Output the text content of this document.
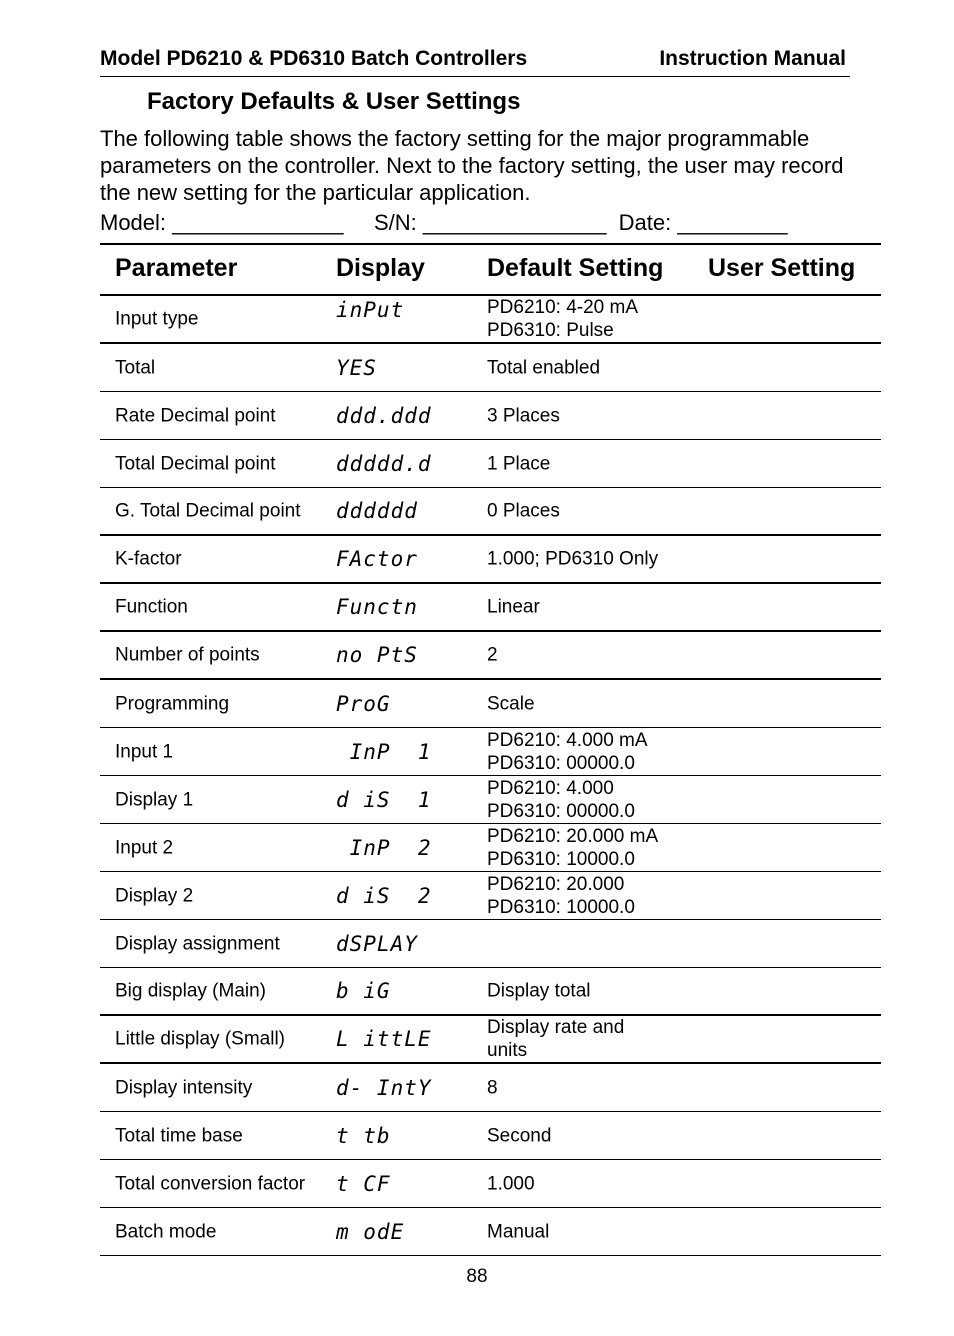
Model PD6210 & PD6310 Batch Controllers	Instruction Manual
Factory Defaults & User Settings
The following table shows the factory setting for the major programmable parameters on the controller. Next to the factory setting, the user may record the new setting for the particular application.
Model: ______________     S/N: _______________  Date: _________
Parameter	Display Default Setting User Setting
Input type	inPut	PD6210: 4-20 mA
PD6310: Pulse
Total	YES	Total enabled
Rate Decimal point	ddd.ddd	3 Places
Total Decimal point	ddddd.d	1 Place
G. Total Decimal point	dddddd	0 Places
K-factor	FActor	1.000; PD6310 Only
Function	Functn	Linear
Number of points	no PtS	2
Programming	ProG	Scale
Input 1	InP  1	PD6210: 4.000 mA
PD6310: 00000.0
Display 1	d iS  1	PD6210: 4.000
PD6310: 00000.0
Input 2	InP  2	PD6210: 20.000 mA
PD6310: 10000.0
Display 2	d iS  2	PD6210: 20.000
PD6310: 10000.0
Display assignment	dSPLAY
Big display (Main)	b iG	Display total
Little display (Small)	L ittLE	Display rate and
units
Display intensity	d- IntY	8
Total time base	t tb	Second
Total conversion factor	t CF	1.000
Batch mode	m odE	Manual
88
